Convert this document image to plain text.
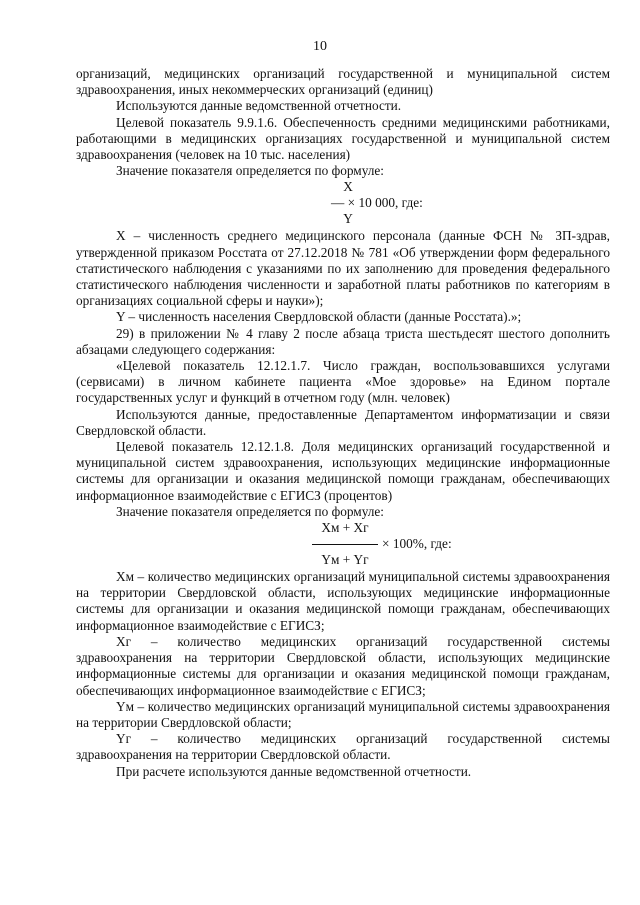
10

организаций, медицинских организаций государственной и муниципальной систем здравоохранения, иных некоммерческих организаций (единиц)

Используются данные ведомственной отчетности.

Целевой показатель 9.9.1.6. Обеспеченность средними медицинскими работниками, работающими в медицинских организациях государственной и муниципальной систем здравоохранения (человек на 10 тыс. населения)

Значение показателя определяется по формуле:

X
— × 10 000, где:
Y

X – численность среднего медицинского персонала (данные ФСН № ЗП-здрав, утвержденной приказом Росстата от 27.12.2018 № 781 «Об утверждении форм федерального статистического наблюдения с указаниями по их заполнению для проведения федерального статистического наблюдения численности и заработной платы работников по категориям в организациях социальной сферы и науки»);

Y – численность населения Свердловской области (данные Росстата).»;

29) в приложении № 4 главу 2 после абзаца триста шестьдесят шестого дополнить абзацами следующего содержания:

«Целевой показатель 12.12.1.7. Число граждан, воспользовавшихся услугами (сервисами) в личном кабинете пациента «Мое здоровье» на Едином портале государственных услуг и функций в отчетном году (млн. человек)

Используются данные, предоставленные Департаментом информатизации и связи Свердловской области.

Целевой показатель 12.12.1.8. Доля медицинских организаций государственной и муниципальной систем здравоохранения, использующих медицинские информационные системы для организации и оказания медицинской помощи гражданам, обеспечивающих информационное взаимодействие с ЕГИСЗ (процентов)

Значение показателя определяется по формуле:

Xм + Xг
× 100%, где:
Yм + Yг

Xм – количество медицинских организаций муниципальной системы здравоохранения на территории Свердловской области, использующих медицинские информационные системы для организации и оказания медицинской помощи гражданам, обеспечивающих информационное взаимодействие с ЕГИСЗ;

Xг – количество медицинских организаций государственной системы здравоохранения на территории Свердловской области, использующих медицинские информационные системы для организации и оказания медицинской помощи гражданам, обеспечивающих информационное взаимодействие с ЕГИСЗ;

Yм – количество медицинских организаций муниципальной системы здравоохранения на территории Свердловской области;

Yг – количество медицинских организаций государственной системы здравоохранения на территории Свердловской области.

При расчете используются данные ведомственной отчетности.
